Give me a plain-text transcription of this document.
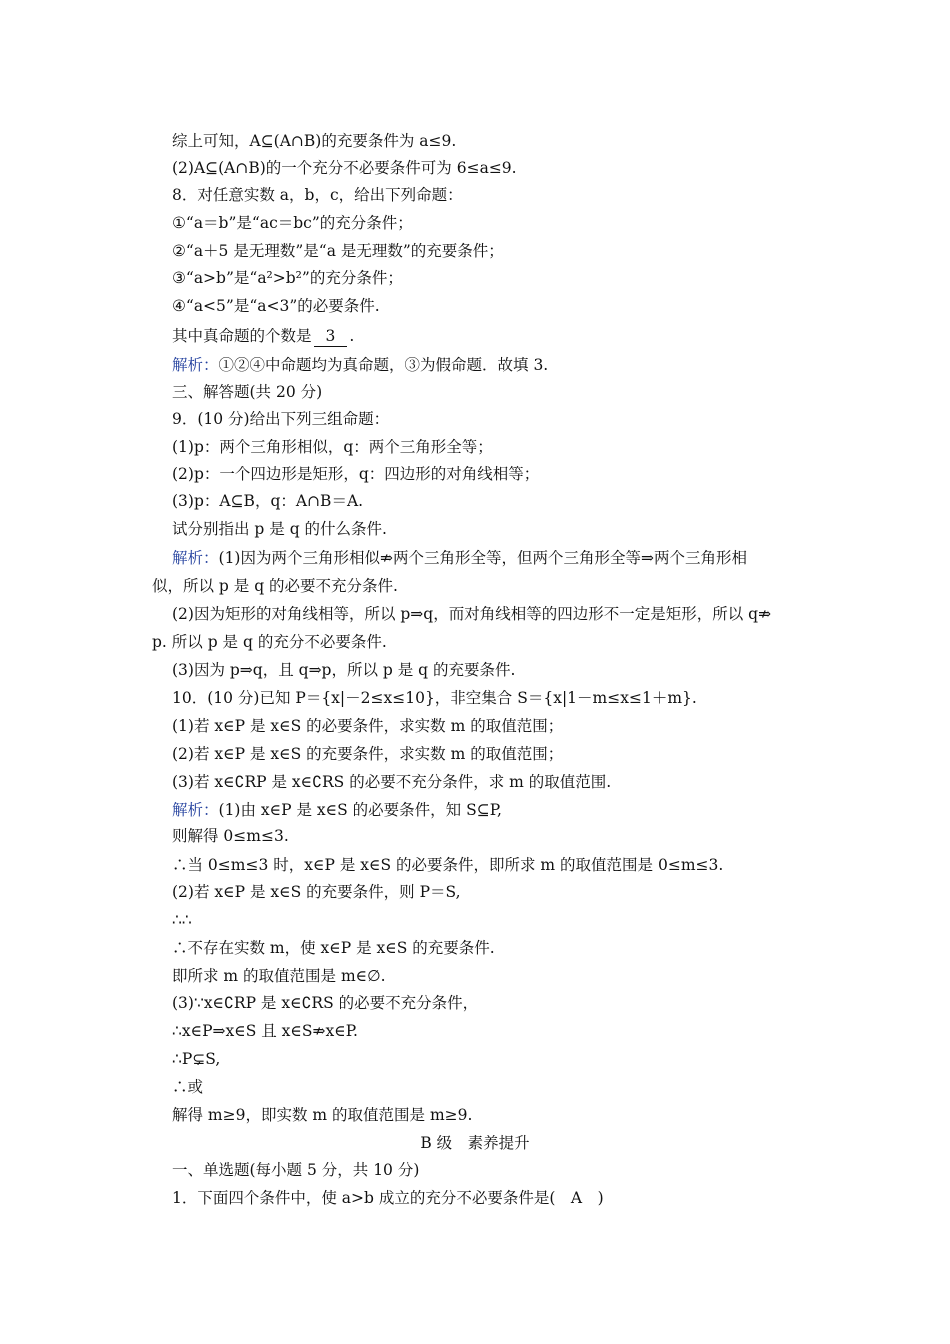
综上可知，A⊆(A∩B)的充要条件为 a≤9.
(2)A⊆(A∩B)的一个充分不必要条件可为 6≤a≤9.
8．对任意实数 a，b，c，给出下列命题：
①“a＝b”是“ac＝bc”的充分条件；
②“a＋5 是无理数”是“a 是无理数”的充要条件；
③“a>b”是“a²>b²”的充分条件；
④“a<5”是“a<3”的必要条件.
其中真命题的个数是 3 .
解析：①②④中命题均为真命题，③为假命题．故填 3.
三、解答题(共 20 分)
9．(10 分)给出下列三组命题：
(1)p：两个三角形相似，q：两个三角形全等；
(2)p：一个四边形是矩形，q：四边形的对角线相等；
(3)p：A⊆B，q：A∩B＝A.
试分别指出 p 是 q 的什么条件.
解析：(1)因为两个三角形相似⇏两个三角形全等，但两个三角形全等⇒两个三角形相
似，所以 p 是 q 的必要不充分条件.
(2)因为矩形的对角线相等，所以 p⇒q，而对角线相等的四边形不一定是矩形，所以 q⇏
p. 所以 p 是 q 的充分不必要条件.
(3)因为 p⇒q，且 q⇒p，所以 p 是 q 的充要条件.
10．(10 分)已知 P＝{x|－2≤x≤10}，非空集合 S＝{x|1－m≤x≤1＋m}.
(1)若 x∈P 是 x∈S 的必要条件，求实数 m 的取值范围；
(2)若 x∈P 是 x∈S 的充要条件，求实数 m 的取值范围；
(3)若 x∈∁RP 是 x∈∁RS 的必要不充分条件，求 m 的取值范围.
解析：(1)由 x∈P 是 x∈S 的必要条件，知 S⊆P,
则解得 0≤m≤3.
∴当 0≤m≤3 时，x∈P 是 x∈S 的必要条件，即所求 m 的取值范围是 0≤m≤3.
(2)若 x∈P 是 x∈S 的充要条件，则 P＝S,
∴∴
∴不存在实数 m，使 x∈P 是 x∈S 的充要条件.
即所求 m 的取值范围是 m∈∅.
(3)∵x∈∁RP 是 x∈∁RS 的必要不充分条件，
∴x∈P⇒x∈S 且 x∈S⇏x∈P.
∴P⊊S,
∴或
解得 m≥9，即实数 m 的取值范围是 m≥9.
B 级　素养提升
一、单选题(每小题 5 分，共 10 分)
1．下面四个条件中，使 a>b 成立的充分不必要条件是(　A　)
